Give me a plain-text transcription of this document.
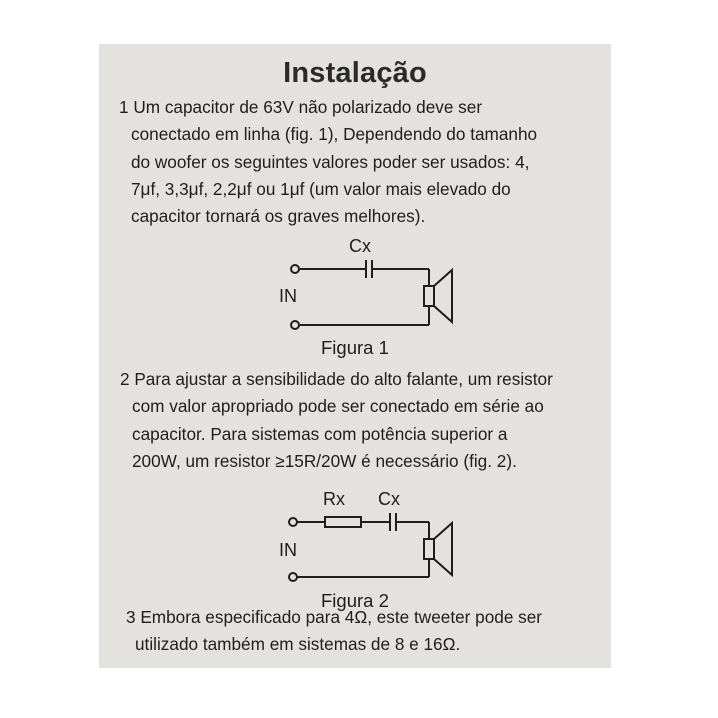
Instalação

1 Um capacitor de 63V não polarizado deve ser
conectado em linha (fig. 1), Dependendo do tamanho
do woofer os seguintes valores poder ser usados: 4,
7μf, 3,3μf, 2,2μf ou 1μf (um valor mais elevado do
capacitor tornará os graves melhores).

Cx
IN
Figura 1
Rx Cx
IN
Figura 2

2 Para ajustar a sensibilidade do alto falante, um resistor
com valor apropriado pode ser conectado em série ao
capacitor. Para sistemas com potência superior a
200W, um resistor ≥15R/20W é necessário (fig. 2).

3 Embora especificado para 4Ω, este tweeter pode ser
utilizado também em sistemas de 8 e 16Ω.
